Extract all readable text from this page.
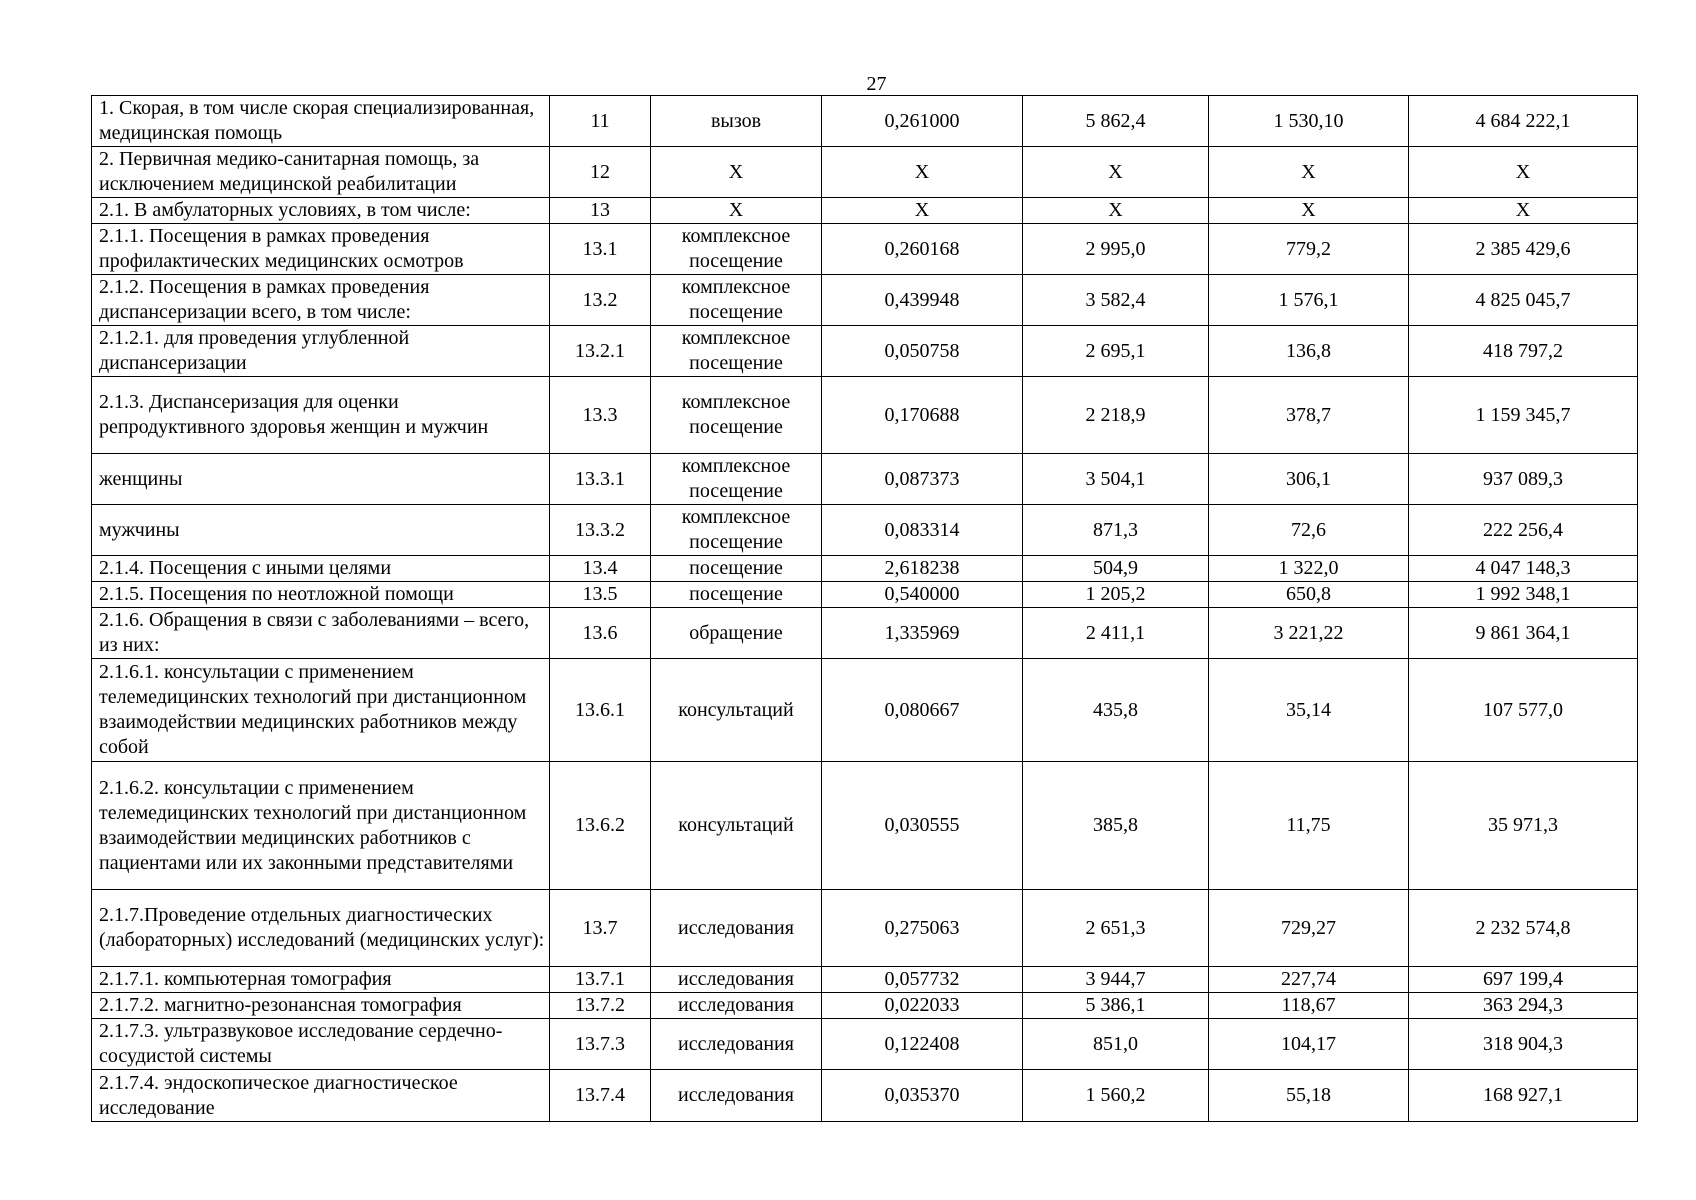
27
1. Скорая, в том числе скорая специализированная, медицинская помощь	11	вызов	0,261000	5 862,4	1 530,10	4 684 222,1
2. Первичная медико-санитарная помощь, за исключением медицинской реабилитации	12	Х	Х	Х	Х	Х
2.1. В амбулаторных условиях, в том числе:	13	Х	Х	Х	Х	Х
2.1.1. Посещения в рамках проведения профилактических медицинских осмотров	13.1	комплексное посещение	0,260168	2 995,0	779,2	2 385 429,6
2.1.2. Посещения в рамках проведения диспансеризации всего, в том числе:	13.2	комплексное посещение	0,439948	3 582,4	1 576,1	4 825 045,7
2.1.2.1. для проведения углубленной диспансеризации	13.2.1	комплексное посещение	0,050758	2 695,1	136,8	418 797,2
2.1.3. Диспансеризация для оценки репродуктивного здоровья женщин и мужчин	13.3	комплексное посещение	0,170688	2 218,9	378,7	1 159 345,7
женщины	13.3.1	комплексное посещение	0,087373	3 504,1	306,1	937 089,3
мужчины	13.3.2	комплексное посещение	0,083314	871,3	72,6	222 256,4
2.1.4. Посещения с иными целями	13.4	посещение	2,618238	504,9	1 322,0	4 047 148,3
2.1.5. Посещения по неотложной помощи	13.5	посещение	0,540000	1 205,2	650,8	1 992 348,1
2.1.6. Обращения в связи с заболеваниями – всего, из них:	13.6	обращение	1,335969	2 411,1	3 221,22	9 861 364,1
2.1.6.1. консультации с применением телемедицинских технологий при дистанционном взаимодействии медицинских работников между собой	13.6.1	консультаций	0,080667	435,8	35,14	107 577,0
2.1.6.2. консультации с применением телемедицинских технологий при дистанционном взаимодействии медицинских работников с пациентами или их законными представителями	13.6.2	консультаций	0,030555	385,8	11,75	35 971,3
2.1.7.Проведение отдельных диагностических (лабораторных) исследований (медицинских услуг):	13.7	исследования	0,275063	2 651,3	729,27	2 232 574,8
2.1.7.1. компьютерная томография	13.7.1	исследования	0,057732	3 944,7	227,74	697 199,4
2.1.7.2. магнитно-резонансная томография	13.7.2	исследования	0,022033	5 386,1	118,67	363 294,3
2.1.7.3. ультразвуковое исследование сердечно-сосудистой системы	13.7.3	исследования	0,122408	851,0	104,17	318 904,3
2.1.7.4. эндоскопическое диагностическое исследование	13.7.4	исследования	0,035370	1 560,2	55,18	168 927,1
